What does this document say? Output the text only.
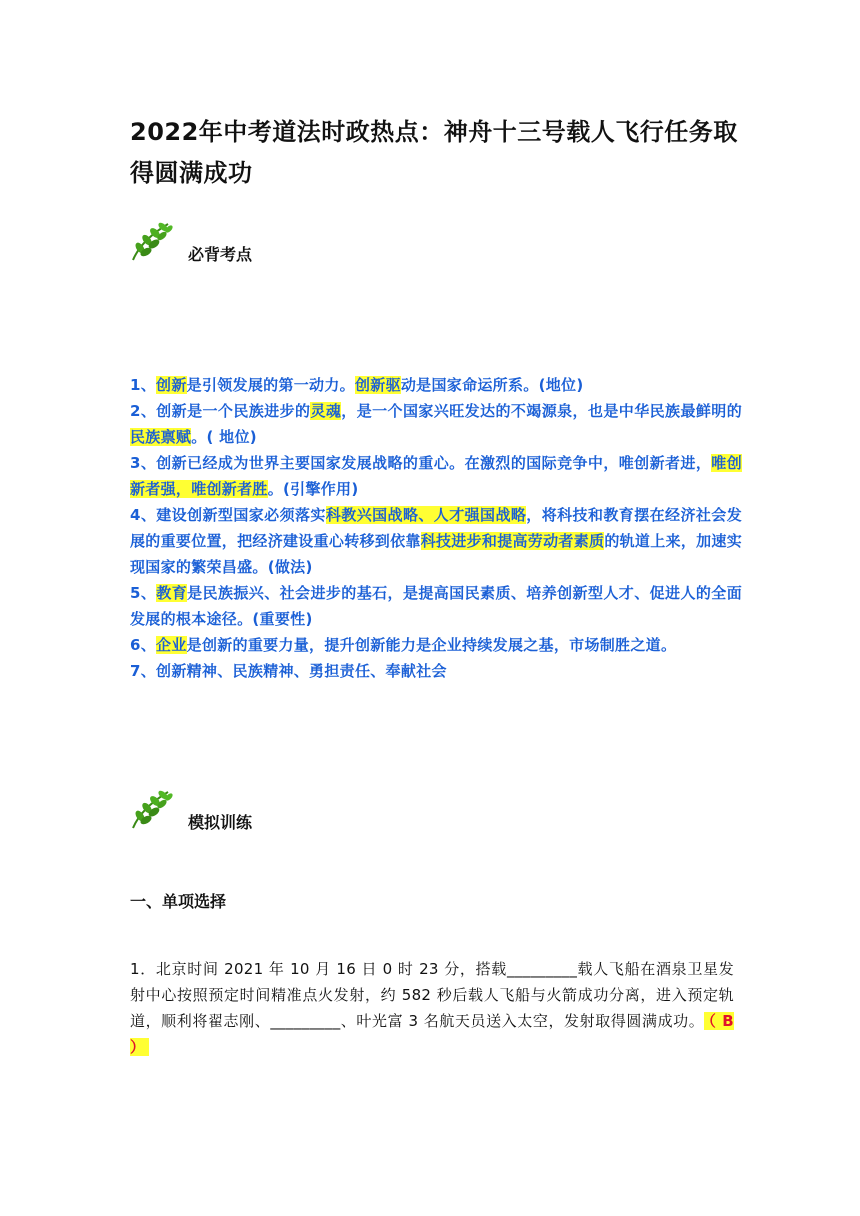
2022年中考道法时政热点：神舟十三号载人飞行任务取得圆满成功
必背考点
1、创新是引领发展的第一动力。创新驱动是国家命运所系。(地位)
2、创新是一个民族进步的灵魂，是一个国家兴旺发达的不竭源泉，也是中华民族最鲜明的民族禀赋。( 地位)
3、创新已经成为世界主要国家发展战略的重心。在激烈的国际竞争中，唯创新者进，唯创新者强，唯创新者胜。(引擎作用)
4、建设创新型国家必须落实科教兴国战略、人才强国战略，将科技和教育摆在经济社会发展的重要位置，把经济建设重心转移到依靠科技进步和提高劳动者素质的轨道上来，加速实现国家的繁荣昌盛。(做法)
5、教育是民族振兴、社会进步的基石，是提高国民素质、培养创新型人才、促进人的全面发展的根本途径。(重要性)
6、企业是创新的重要力量，提升创新能力是企业持续发展之基，市场制胜之道。
7、创新精神、民族精神、勇担责任、奉献社会
模拟训练
一、单项选择

1．北京时间 2021 年 10 月 16 日 0 时 23 分，搭载_________载人飞船在酒泉卫星发射中心按照预定时间精准点火发射，约 582 秒后载人飞船与火箭成功分离，进入预定轨道，顺利将翟志刚、_________、叶光富 3 名航天员送入太空，发射取得圆满成功。 （ B ）
